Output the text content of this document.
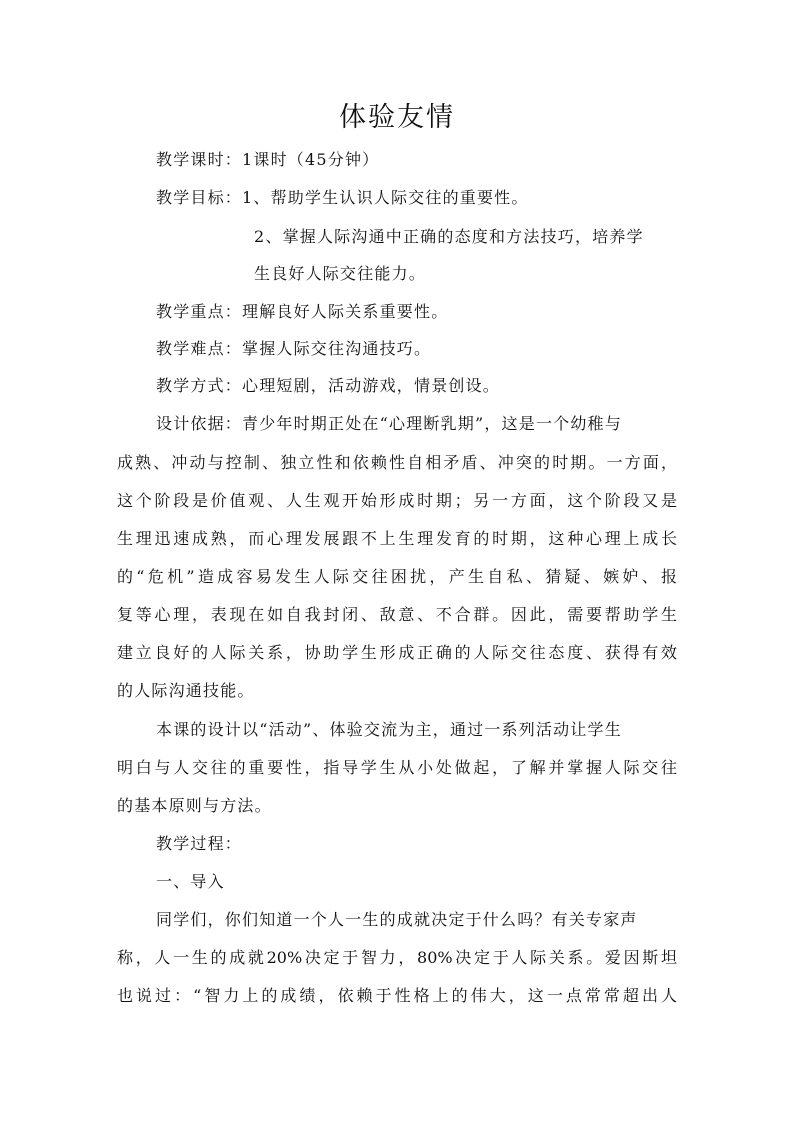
体验友情
教学课时：1课时（45分钟）
教学目标：1、帮助学生认识人际交往的重要性。
2、掌握人际沟通中正确的态度和方法技巧，培养学
生良好人际交往能力。
教学重点：理解良好人际关系重要性。
教学难点：掌握人际交往沟通技巧。
教学方式：心理短剧，活动游戏，情景创设。
设计依据：青少年时期正处在“心理断乳期”，这是一个幼稚与
成熟、冲动与控制、独立性和依赖性自相矛盾、冲突的时期。一方面，
这个阶段是价值观、人生观开始形成时期；另一方面，这个阶段又是
生理迅速成熟，而心理发展跟不上生理发育的时期，这种心理上成长
的“危机”造成容易发生人际交往困扰，产生自私、猜疑、嫉妒、报
复等心理，表现在如自我封闭、敌意、不合群。因此，需要帮助学生
建立良好的人际关系，协助学生形成正确的人际交往态度、获得有效
的人际沟通技能。
本课的设计以“活动”、体验交流为主，通过一系列活动让学生
明白与人交往的重要性，指导学生从小处做起，了解并掌握人际交往
的基本原则与方法。
教学过程：
一、导入
同学们，你们知道一个人一生的成就决定于什么吗？有关专家声
称，人一生的成就20%决定于智力，80%决定于人际关系。爱因斯坦
也说过：“智力上的成绩，依赖于性格上的伟大，这一点常常超出人
